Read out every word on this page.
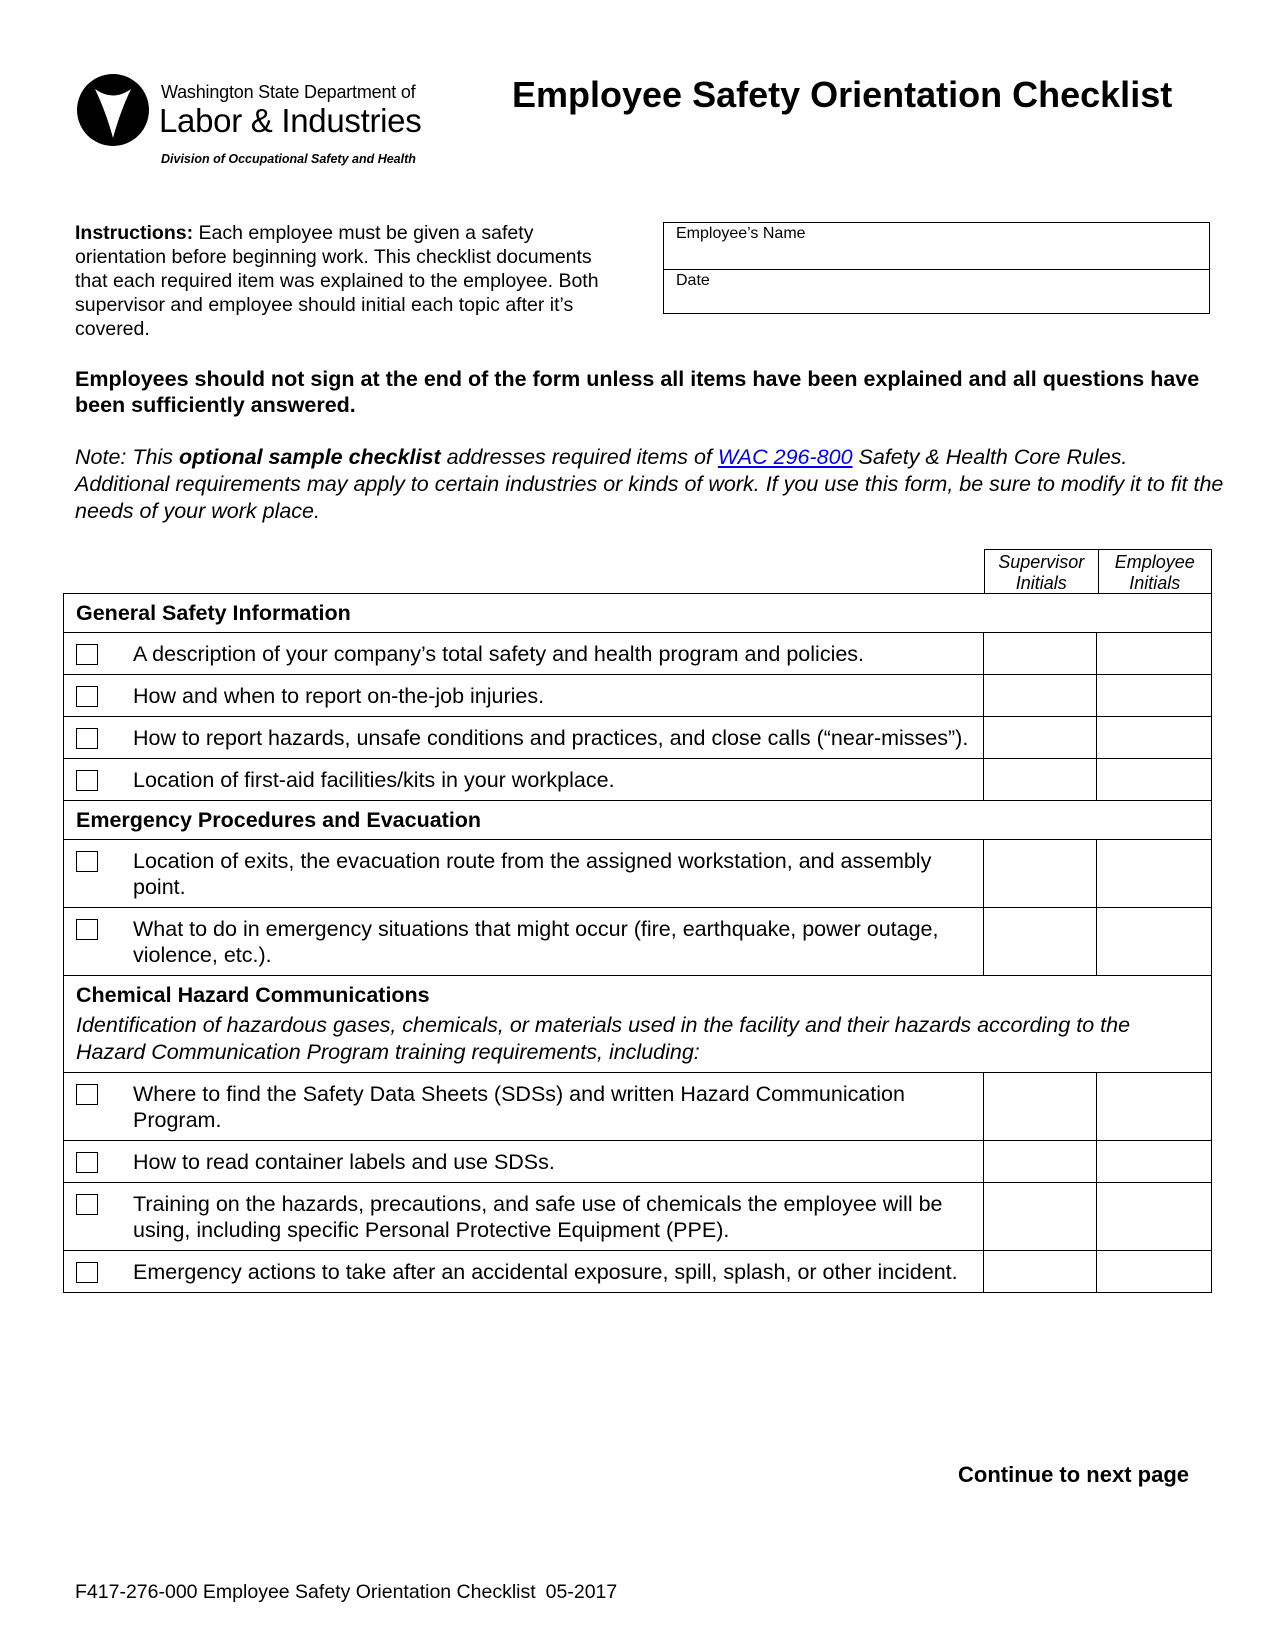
Washington State Department of
Labor & Industries
Division of Occupational Safety and Health
Employee Safety Orientation Checklist
Instructions: Each employee must be given a safety orientation before beginning work. This checklist documents that each required item was explained to the employee. Both supervisor and employee should initial each topic after it’s covered.
Employee’s Name
Date
Employees should not sign at the end of the form unless all items have been explained and all questions have been sufficiently answered.
Note: This optional sample checklist addresses required items of WAC 296-800 Safety & Health Core Rules. Additional requirements may apply to certain industries or kinds of work. If you use this form, be sure to modify it to fit the needs of your work place.
Supervisor Initials
Employee Initials
General Safety Information
A description of your company’s total safety and health program and policies.
How and when to report on-the-job injuries.
How to report hazards, unsafe conditions and practices, and close calls (“near-misses”).
Location of first-aid facilities/kits in your workplace.
Emergency Procedures and Evacuation
Location of exits, the evacuation route from the assigned workstation, and assembly point.
What to do in emergency situations that might occur (fire, earthquake, power outage, violence, etc.).
Chemical Hazard Communications
Identification of hazardous gases, chemicals, or materials used in the facility and their hazards according to the Hazard Communication Program training requirements, including:
Where to find the Safety Data Sheets (SDSs) and written Hazard Communication Program.
How to read container labels and use SDSs.
Training on the hazards, precautions, and safe use of chemicals the employee will be using, including specific Personal Protective Equipment (PPE).
Emergency actions to take after an accidental exposure, spill, splash, or other incident.
Continue to next page
F417-276-000 Employee Safety Orientation Checklist 05-2017
